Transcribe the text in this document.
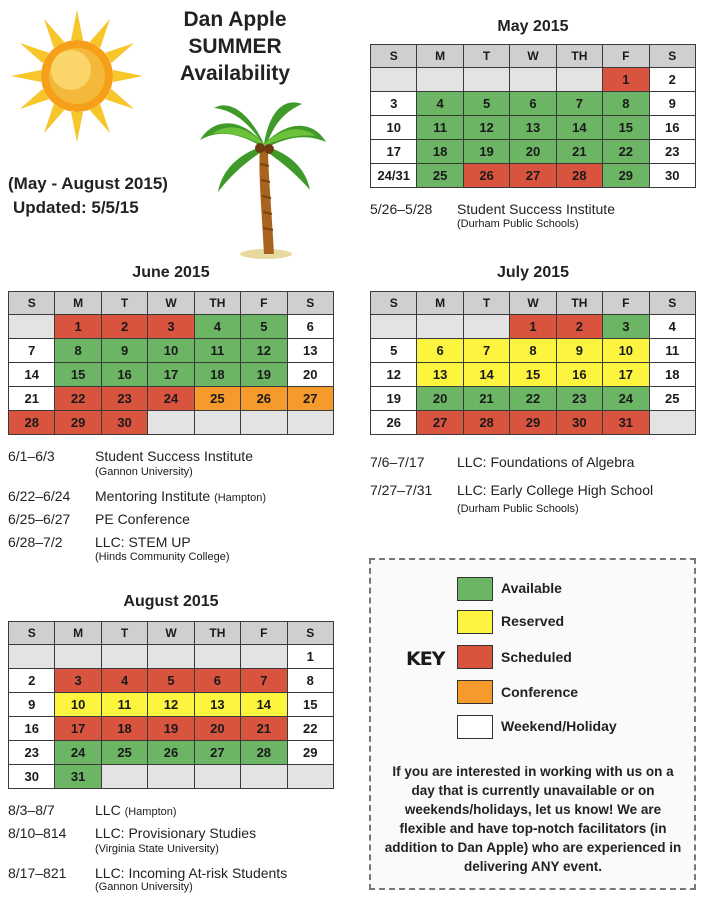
Dan Apple
SUMMER
Availability
(May - August 2015)
Updated: 5/5/15
May 2015
June 2015	July 2015
August 2015
S	M	T	W	TH	F	S
					1	2
3	4	5	6	7	8	9
10	11	12	13	14	15	16
17	18	19	20	21	22	23
24/31	25	26	27	28	29	30
S	M	T	W	TH	F	S
	1	2	3	4	5	6
7	8	9	10	11	12	13
14	15	16	17	18	19	20
21	22	23	24	25	26	27
28	29	30				
S	M	T	W	TH	F	S
			1	2	3	4
5	6	7	8	9	10	11
12	13	14	15	16	17	18
19	20	21	22	23	24	25
26	27	28	29	30	31	
S	M	T	W	TH	F	S
						1
2	3	4	5	6	7	8
9	10	11	12	13	14	15
16	17	18	19	20	21	22
23	24	25	26	27	28	29
30	31					
5/26–5/28 Student Success Institute
(Durham Public Schools)
6/1–6/3	Student Success Institute
(Gannon University)
6/22–6/24 Mentoring Institute (Hampton)
6/25–6/27 PE Conference
6/28–7/2 LLC: STEM UP
(Hinds Community College)
7/6–7/17 LLC: Foundations of Algebra
7/27–7/31 LLC: Early College High School
(Durham Public Schools)
8/3–8/7	LLC (Hampton)
8/10–814 LLC: Provisionary Studies
(Virginia State University)
8/17–821 LLC: Incoming At-risk Students
(Gannon University)
KEY
Available
Reserved
Scheduled
Conference
Weekend/Holiday
If you are interested in working with us on a day that is currently unavailable or on weekends/holidays, let us know! We are flexible and have top-notch facilitators (in addition to Dan Apple) who are experienced in delivering ANY event.
